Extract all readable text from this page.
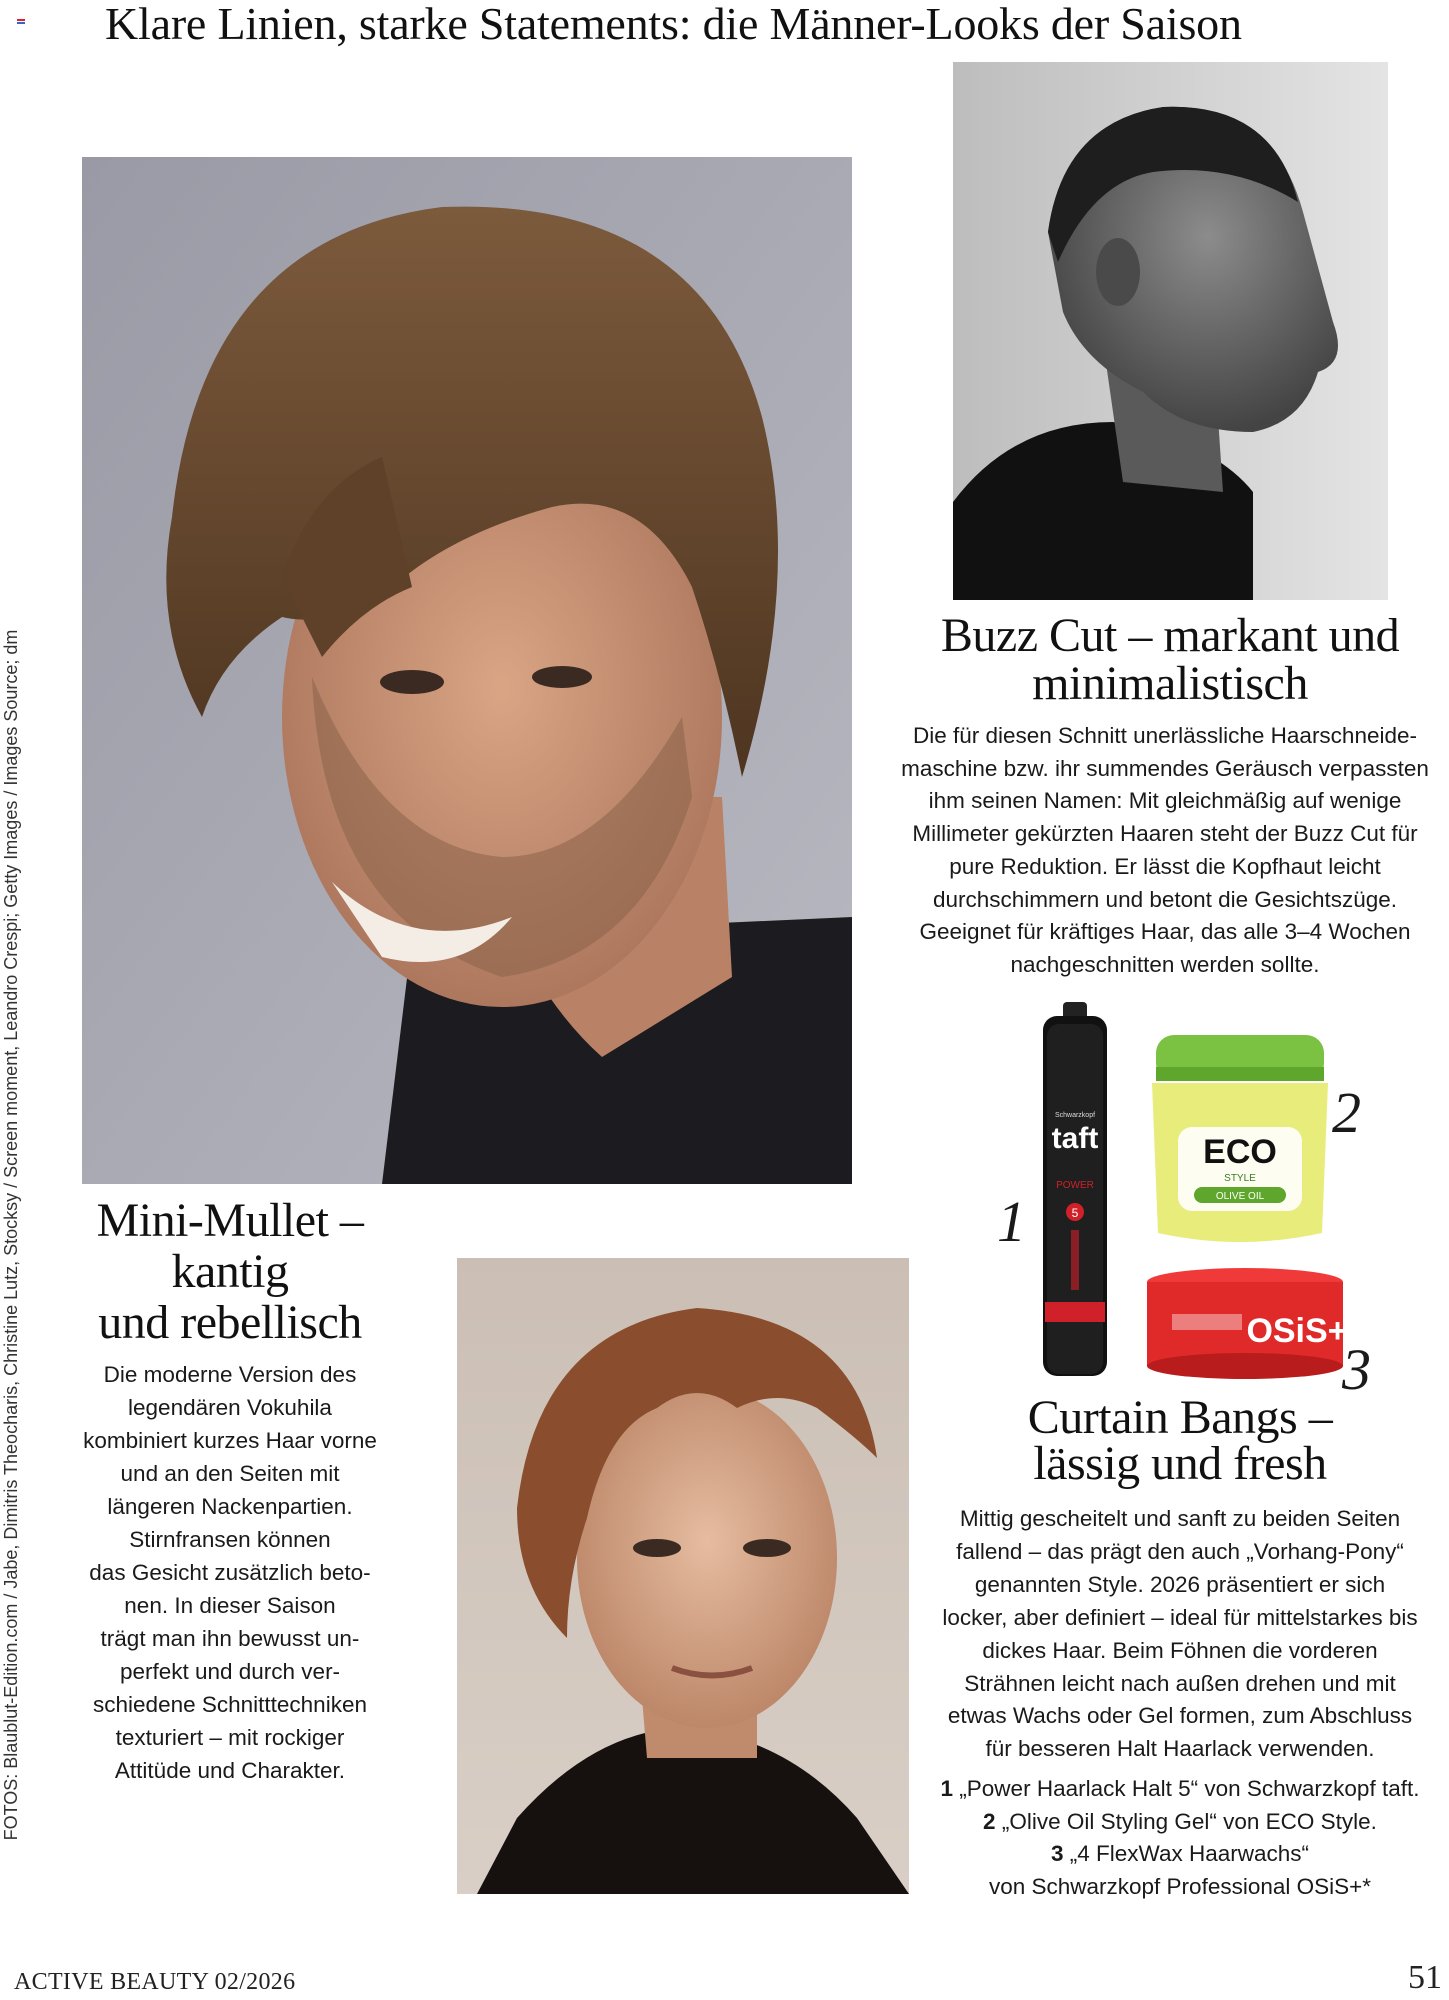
Klare Linien, starke Statements: die Männer-Looks der Saison
FOTOS: Blaublut-Edition.com / Jabe, Dimitris Theocharis, Christine Lutz, Stocksy / Screen moment, Leandro Crespi; Getty Images / Images Source; dm	Buzz Cut – markant und
minimalistisch
Die für diesen Schnitt unerlässliche Haarschneide-
maschine bzw. ihr summendes Geräusch verpassten
ihm seinen Namen: Mit gleichmäßig auf wenige
Millimeter gekürzten Haaren steht der Buzz Cut für
pure Reduktion. Er lässt die Kopfhaut leicht
durchschimmern und betont die Gesichtszüge.
Geeignet für kräftiges Haar, das alle 3–4 Wochen
nachgeschnitten werden sollte.
Mini-Mullet –
kantig
und rebellisch
Die moderne Version des
legendären Vokuhila
kombiniert kurzes Haar vorne
und an den Seiten mit
längeren Nackenpartien.
Stirnfransen können
das Gesicht zusätzlich beto-
nen. In dieser Saison
trägt man ihn bewusst un-
perfekt und durch ver-
schiedene Schnitttechniken
texturiert – mit rockiger
Attitüde und Charakter.
Schwarzkopf
taft
POWER
5
1
ECO
STYLE
OLIVE OIL
2
OSiS+
3
Curtain Bangs –
lässig und fresh
Mittig gescheitelt und sanft zu beiden Seiten
fallend – das prägt den auch „Vorhang-Pony“
genannten Style. 2026 präsentiert er sich
locker, aber definiert – ideal für mittelstarkes bis
dickes Haar. Beim Föhnen die vorderen
Strähnen leicht nach außen drehen und mit
etwas Wachs oder Gel formen, zum Abschluss
für besseren Halt Haarlack verwenden.
1 „Power Haarlack Halt 5“ von Schwarzkopf taft.
2 „Olive Oil Styling Gel“ von ECO Style.
3 „4 FlexWax Haarwachs“
von Schwarzkopf Professional OSiS+*
ACTIVE BEAUTY 02/2026	51
